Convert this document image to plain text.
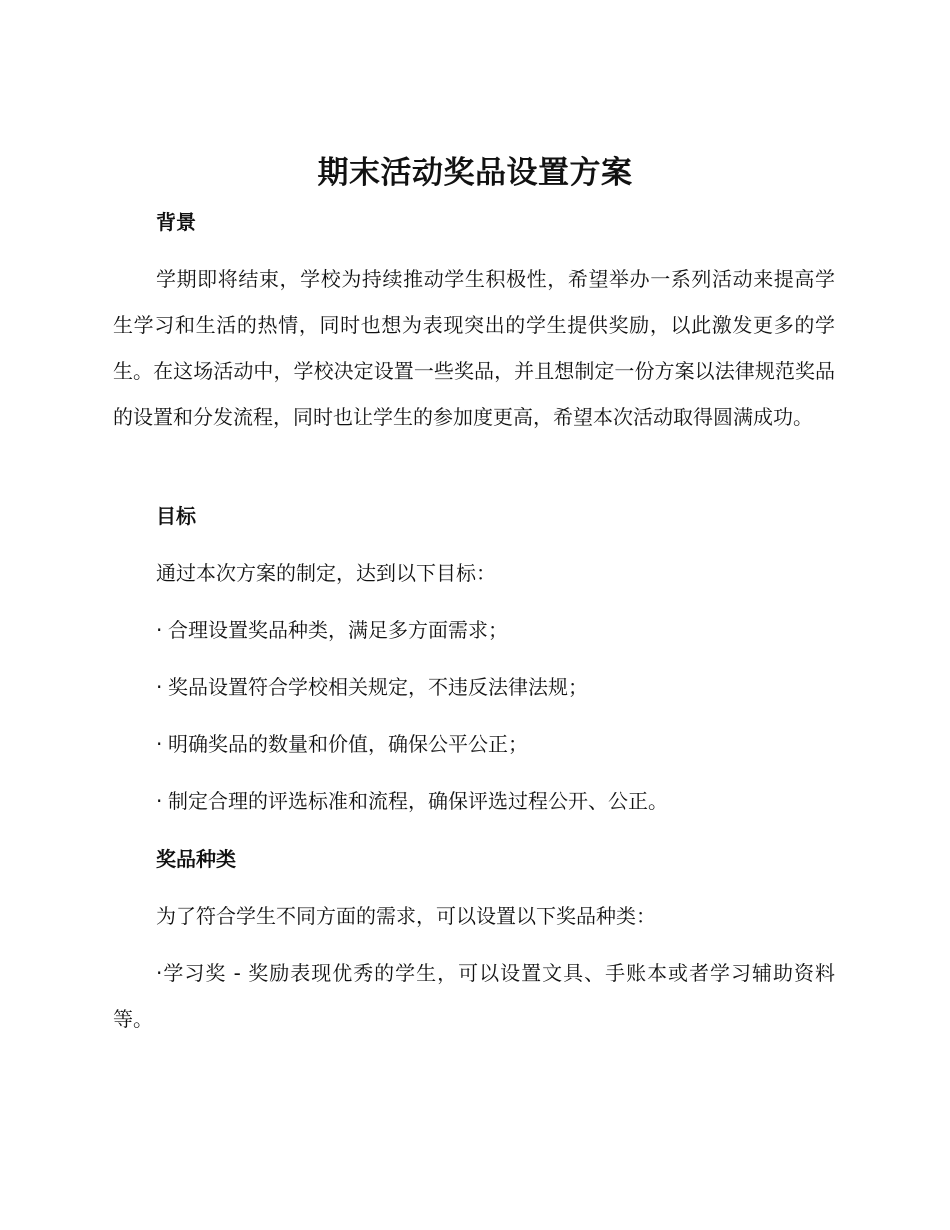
期末活动奖品设置方案
背景

学期即将结束，学校为持续推动学生积极性，希望举办一系列活动来提高学生学习和生活的热情，同时也想为表现突出的学生提供奖励，以此激发更多的学生。在这场活动中，学校决定设置一些奖品，并且想制定一份方案以法律规范奖品的设置和分发流程，同时也让学生的参加度更高，希望本次活动取得圆满成功。

目标
通过本次方案的制定，达到以下目标：
· 合理设置奖品种类，满足多方面需求；
· 奖品设置符合学校相关规定，不违反法律法规；
· 明确奖品的数量和价值，确保公平公正；
· 制定合理的评选标准和流程，确保评选过程公开、公正。
奖品种类
为了符合学生不同方面的需求，可以设置以下奖品种类：

·学习奖 - 奖励表现优秀的学生，可以设置文具、手账本或者学习辅助资料等。
